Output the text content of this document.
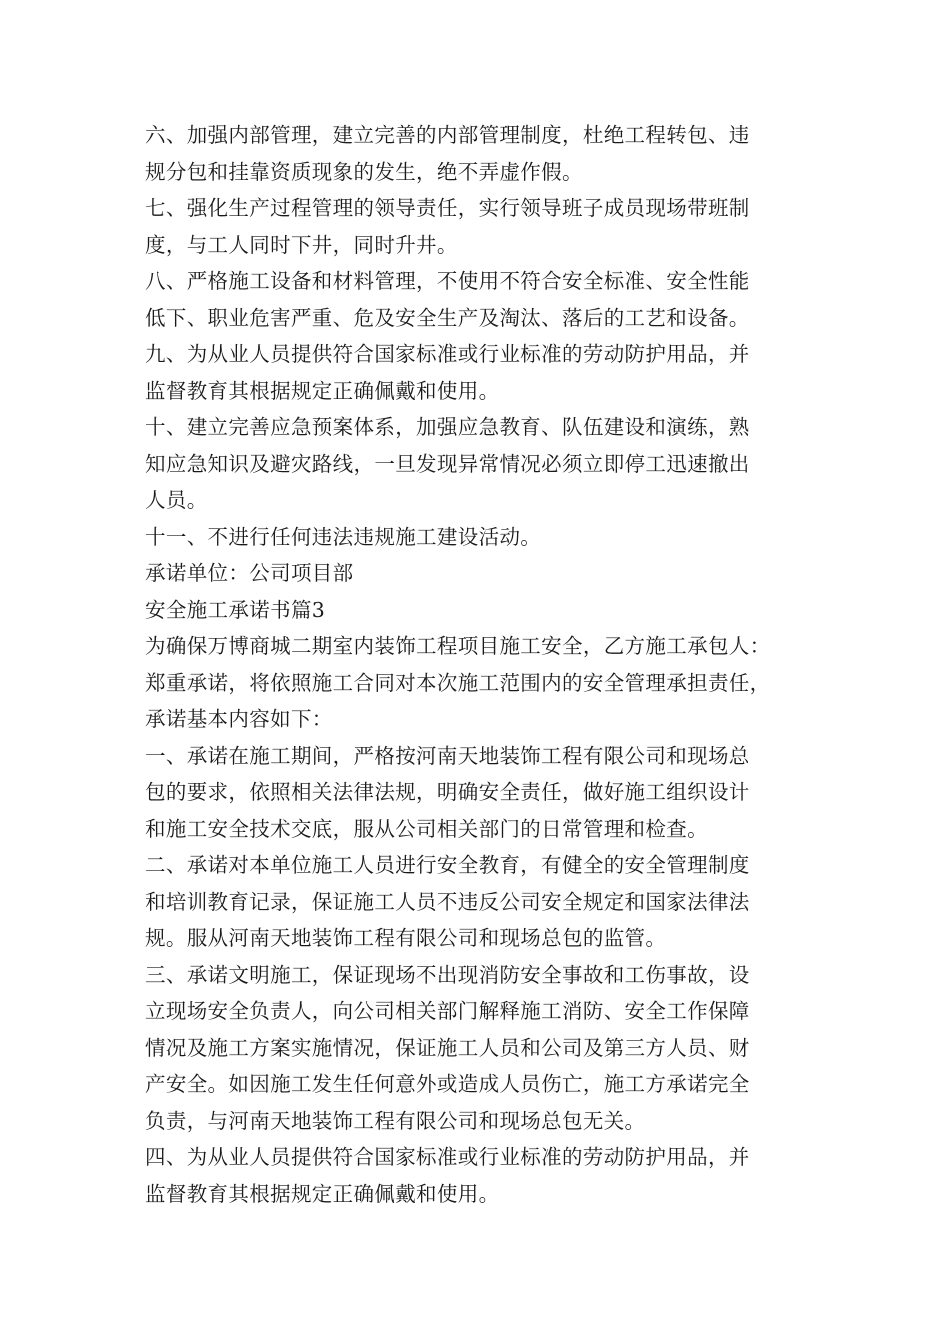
六、加强内部管理，建立完善的内部管理制度，杜绝工程转包、违
规分包和挂靠资质现象的发生，绝不弄虚作假。
七、强化生产过程管理的领导责任，实行领导班子成员现场带班制
度，与工人同时下井，同时升井。
八、严格施工设备和材料管理，不使用不符合安全标准、安全性能
低下、职业危害严重、危及安全生产及淘汰、落后的工艺和设备。
九、为从业人员提供符合国家标准或行业标准的劳动防护用品，并
监督教育其根据规定正确佩戴和使用。
十、建立完善应急预案体系，加强应急教育、队伍建设和演练，熟
知应急知识及避灾路线，一旦发现异常情况必须立即停工迅速撤出
人员。
十一、不进行任何违法违规施工建设活动。
承诺单位：公司项目部
安全施工承诺书篇3
为确保万博商城二期室内装饰工程项目施工安全，乙方施工承包人：
郑重承诺，将依照施工合同对本次施工范围内的安全管理承担责任，
承诺基本内容如下：
一、承诺在施工期间，严格按河南天地装饰工程有限公司和现场总
包的要求，依照相关法律法规，明确安全责任，做好施工组织设计
和施工安全技术交底，服从公司相关部门的日常管理和检查。
二、承诺对本单位施工人员进行安全教育，有健全的安全管理制度
和培训教育记录，保证施工人员不违反公司安全规定和国家法律法
规。服从河南天地装饰工程有限公司和现场总包的监管。
三、承诺文明施工，保证现场不出现消防安全事故和工伤事故，设
立现场安全负责人，向公司相关部门解释施工消防、安全工作保障
情况及施工方案实施情况，保证施工人员和公司及第三方人员、财
产安全。如因施工发生任何意外或造成人员伤亡，施工方承诺完全
负责，与河南天地装饰工程有限公司和现场总包无关。
四、为从业人员提供符合国家标准或行业标准的劳动防护用品，并
监督教育其根据规定正确佩戴和使用。
